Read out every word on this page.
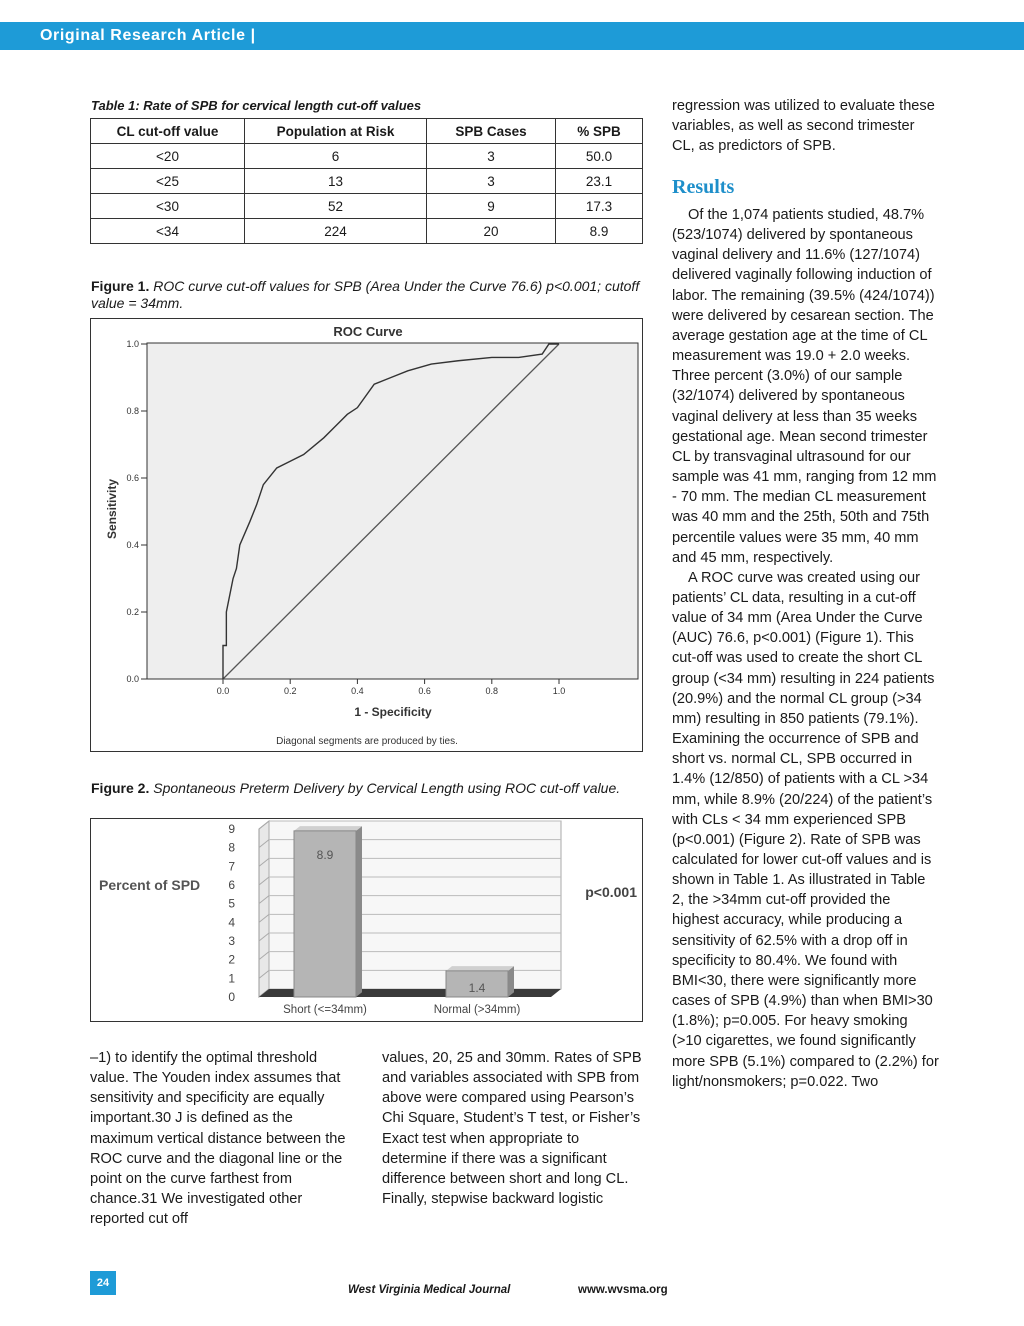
Original Research Article |
Table 1: Rate of SPB for cervical length cut-off values
CL cut-off value	Population at Risk	SPB Cases	% SPB
<20	6	3	50.0
<25	13	3	23.1
<30	52	9	17.3
<34	224	20	8.9
Figure 1. ROC curve cut-off values for SPB (Area Under the Curve 76.6) p<0.001; cutoff value = 34mm.
ROC Curve
0.0	0.2	0.4	0.6	0.8	1.0
0.0
0.2
0.4
0.6
0.8
1.0
1 - Specificity
Sensitivity
Diagonal segments are produced by ties.
Figure 2. Spontaneous Preterm Delivery by Cervical Length using ROC cut-off value.
Percent of SPD
0
1
2
3
4
5
6
7
8
9
8.9
Short (<=34mm)
1.4
Normal (>34mm)
p<0.001

–1) to identify the optimal threshold value. The Youden index assumes that sensitivity and specificity are equally important.30 J is defined as the maximum vertical distance between the ROC curve and the diagonal line or the point on the curve farthest from chance.31 We investigated other reported cut off

values, 20, 25 and 30mm. Rates of SPB and variables associated with SPB from above were compared using Pearson’s Chi Square, Student’s T test, or Fisher’s Exact test when appropriate to determine if there was a significant difference between short and long CL. Finally, stepwise backward logistic

regression was utilized to evaluate these variables, as well as second trimester CL, as predictors of SPB.

Results

Of the 1,074 patients studied, 48.7% (523/1074) delivered by spontaneous vaginal delivery and 11.6% (127/1074) delivered vaginally following induction of labor. The remaining (39.5% (424/1074)) were delivered by cesarean section. The average gestation age at the time of CL measurement was 19.0 + 2.0 weeks. Three percent (3.0%) of our sample (32/1074) delivered by spontaneous vaginal delivery at less than 35 weeks gestational age. Mean second trimester CL by transvaginal ultrasound for our sample was 41 mm, ranging from 12 mm - 70 mm. The median CL measurement was 40 mm and the 25th, 50th and 75th percentile values were 35 mm, 40 mm and 45 mm, respectively.

A ROC curve was created using our patients’ CL data, resulting in a cut-off value of 34 mm (Area Under the Curve (AUC) 76.6, p<0.001) (Figure 1). This cut-off was used to create the short CL group (<34 mm) resulting in 224 patients (20.9%) and the normal CL group (>34 mm) resulting in 850 patients (79.1%). Examining the occurrence of SPB and short vs. normal CL, SPB occurred in 1.4% (12/850) of patients with a CL >34 mm, while 8.9% (20/224) of the patient’s with CLs < 34 mm experienced SPB (p<0.001) (Figure 2). Rate of SPB was calculated for lower cut-off values and is shown in Table 1. As illustrated in Table 2, the >34mm cut-off provided the highest accuracy, while producing a sensitivity of 62.5% with a drop off in specificity to 80.4%. We found with BMI<30, there were significantly more cases of SPB (4.9%) than when BMI>30 (1.8%); p=0.005. For heavy smoking (>10 cigarettes, we found significantly more SPB (5.1%) compared to (2.2%) for light/nonsmokers; p=0.022. Two

24
West Virginia Medical Journal	www.wvsma.org
